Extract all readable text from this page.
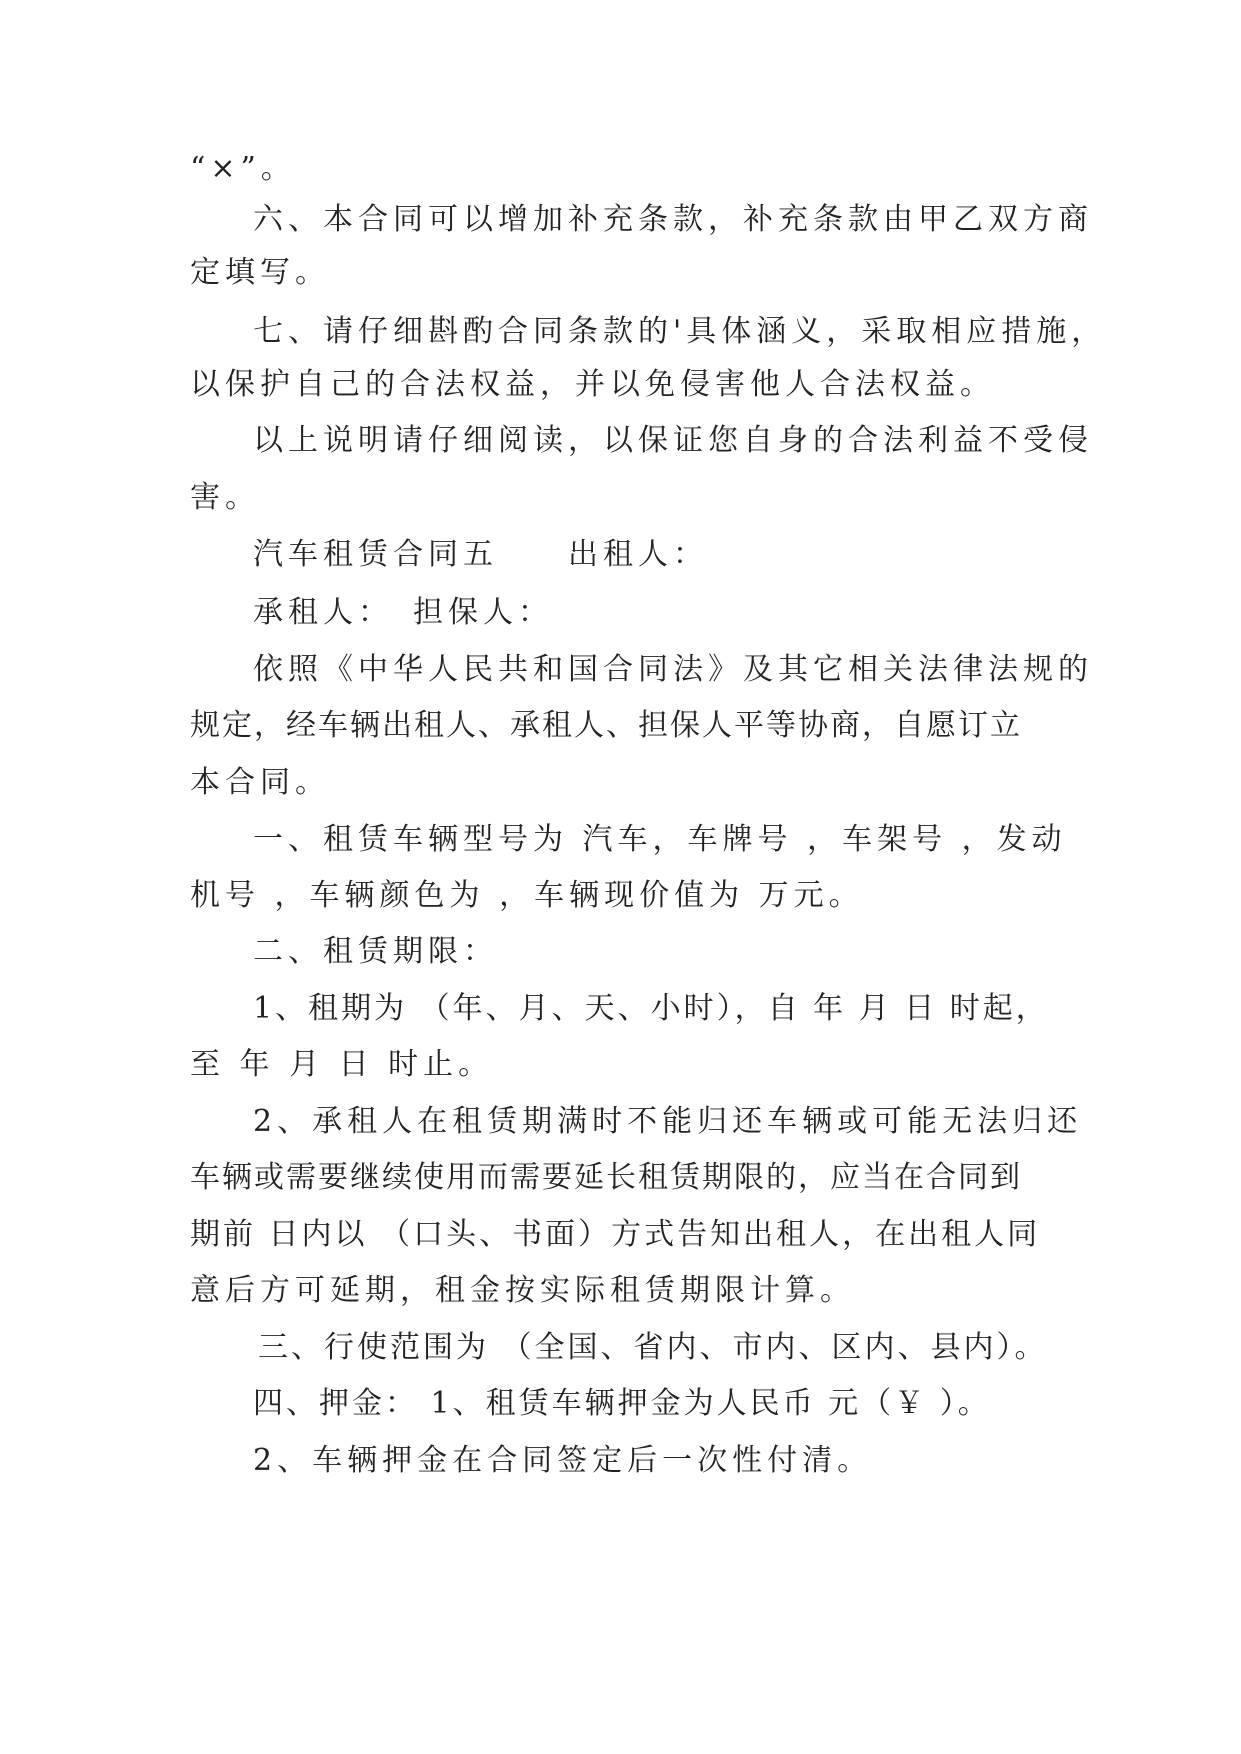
“×”。

六、本合同可以增加补充条款，补充条款由甲乙双方商

定填写。

七、请仔细斟酌合同条款的'具体涵义，采取相应措施，

以保护自己的合法权益，并以免侵害他人合法权益。

以上说明请仔细阅读，以保证您自身的合法利益不受侵

害。

汽车租赁合同五　　出租人：

承租人：　担保人：

依照《中华人民共和国合同法》及其它相关法律法规的

规定，经车辆出租人、承租人、担保人平等协商，自愿订立

本合同。

一、租赁车辆型号为 汽车，车牌号 ，车架号 ，发动

机号 ，车辆颜色为 ，车辆现价值为 万元。

二、租赁期限：

1、租期为 （年、月、天、小时），自 年 月 日 时起，

至 年 月 日 时止。

2、承租人在租赁期满时不能归还车辆或可能无法归还

车辆或需要继续使用而需要延长租赁期限的，应当在合同到

期前 日内以 （口头、书面）方式告知出租人，在出租人同

意后方可延期，租金按实际租赁期限计算。

三、行使范围为 （全国、省内、市内、区内、县内）。

四、押金： 1、租赁车辆押金为人民币 元（￥ ）。

2、车辆押金在合同签定后一次性付清。
